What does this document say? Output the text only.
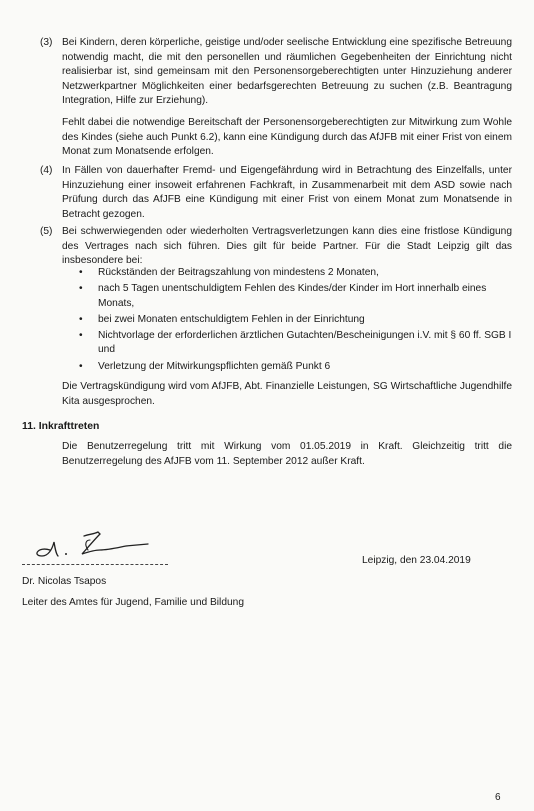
(3) Bei Kindern, deren körperliche, geistige und/oder seelische Entwicklung eine spezifische Betreuung notwendig macht, die mit den personellen und räumlichen Gegebenheiten der Einrichtung nicht realisierbar ist, sind gemeinsam mit den Personensorgeberechtigten unter Hinzuziehung anderer Netzwerkpartner Möglichkeiten einer bedarfsgerechten Betreuung zu suchen (z.B. Beantragung Integration, Hilfe zur Erziehung).
Fehlt dabei die notwendige Bereitschaft der Personensorgeberechtigten zur Mitwirkung zum Wohle des Kindes (siehe auch Punkt 6.2), kann eine Kündigung durch das AfJFB mit einer Frist von einem Monat zum Monatsende erfolgen.
(4) In Fällen von dauerhafter Fremd- und Eigengefährdung wird in Betrachtung des Einzelfalls, unter Hinzuziehung einer insoweit erfahrenen Fachkraft, in Zusammenarbeit mit dem ASD sowie nach Prüfung durch das AfJFB eine Kündigung mit einer Frist von einem Monat zum Monatsende in Betracht gezogen.
(5) Bei schwerwiegenden oder wiederholten Vertragsverletzungen kann dies eine fristlose Kündigung des Vertrages nach sich führen. Dies gilt für beide Partner. Für die Stadt Leipzig gilt das insbesondere bei:
• Rückständen der Beitragszahlung von mindestens 2 Monaten,
• nach 5 Tagen unentschuldigtem Fehlen des Kindes/der Kinder im Hort innerhalb eines Monats,
• bei zwei Monaten entschuldigtem Fehlen in der Einrichtung
• Nichtvorlage der erforderlichen ärztlichen Gutachten/Bescheinigungen i.V. mit § 60 ff. SGB I und
• Verletzung der Mitwirkungspflichten gemäß Punkt 6
Die Vertragskündigung wird vom AfJFB, Abt. Finanzielle Leistungen, SG Wirtschaftliche Jugendhilfe Kita ausgesprochen.
11. Inkrafttreten
Die Benutzerregelung tritt mit Wirkung vom 01.05.2019 in Kraft. Gleichzeitig tritt die Benutzerregelung des AfJFB vom 11. September 2012 außer Kraft.
Leipzig, den 23.04.2019
Dr. Nicolas Tsapos
Leiter des Amtes für Jugend, Familie und Bildung
6
